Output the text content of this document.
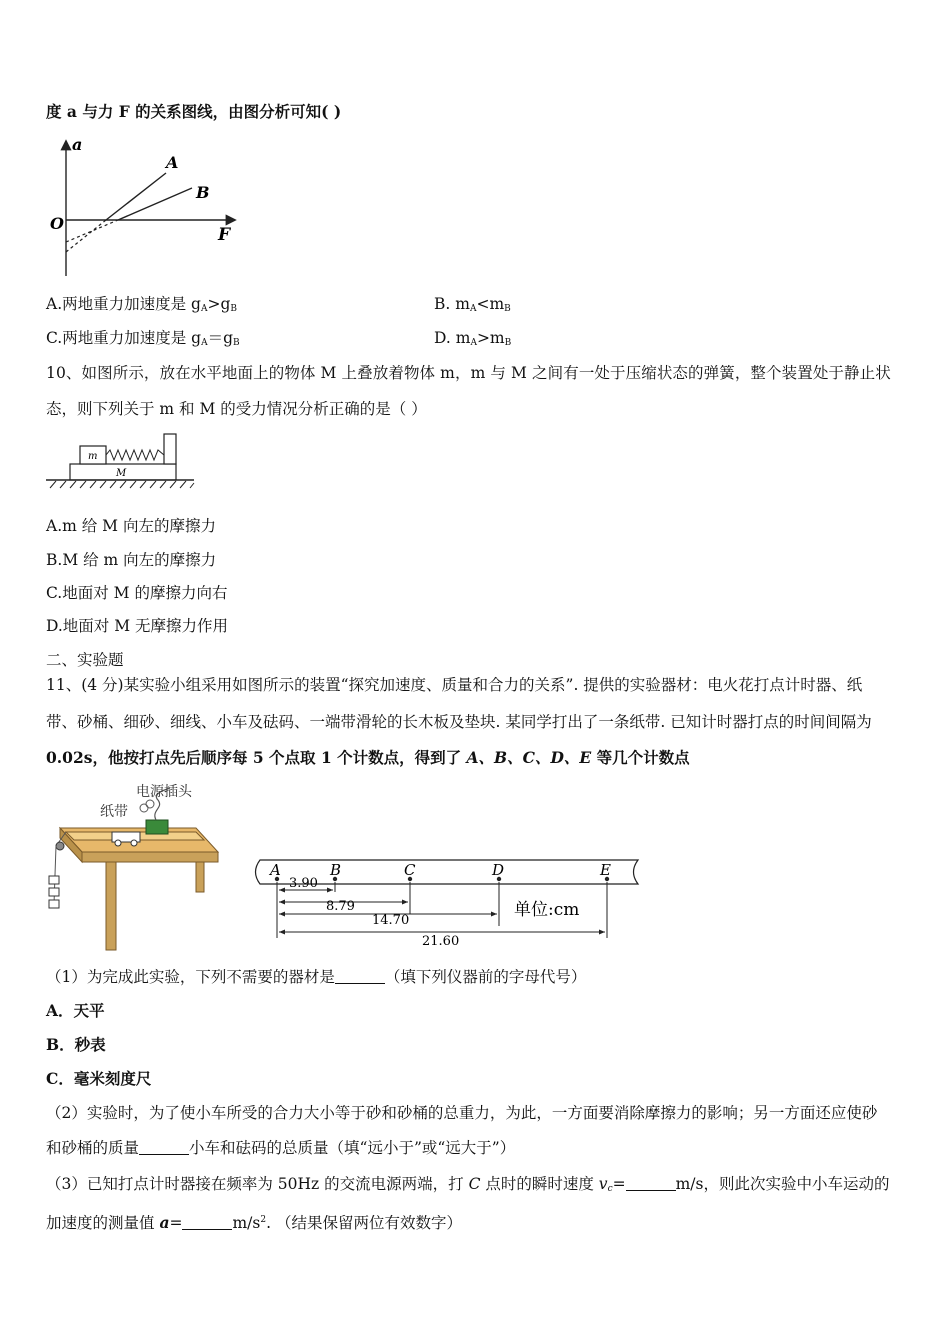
度 a 与力 F 的关系图线，由图分析可知( )
a
F
O
A
B
A.两地重力加速度是 $g_A>g_B$	B. $m_A<m_B$
C.两地重力加速度是 $g_A=g_B$	D. $m_A>m_B$
10、如图所示，放在水平地面上的物体 M 上叠放着物体 m，m 与 M 之间有一处于压缩状态的弹簧，整个装置处于静止状
态，则下列关于 m 和 M 的受力情况分析正确的是（ ）
m
M
A.m 给 M 向左的摩擦力
B.M 给 m 向左的摩擦力
C.地面对 M 的摩擦力向右
D.地面对 M 无摩擦力作用
二、实验题
11、(4 分)某实验小组采用如图所示的装置“探究加速度、质量和合力的关系”. 提供的实验器材：电火花打点计时器、纸
带、砂桶、细砂、细线、小车及砝码、一端带滑轮的长木板及垫块. 某同学打出了一条纸带. 已知计时器打点的时间间隔为
0.02s，他按打点先后顺序每 5 个点取 1 个计数点，得到了 A、B、C、D、E 等几个计数点
电源插头
纸带
A	B	C	D	E
3.90
8.79
14.70
21.60
单位:cm
（1）为完成此实验，下列不需要的器材是	（填下列仪器前的字母代号）
A．天平
B．秒表
C．毫米刻度尺
（2）实验时，为了使小车所受的合力大小等于砂和砂桶的总重力，为此，一方面要消除摩擦力的影响；另一方面还应使砂
和砂桶的质量	小车和砝码的总质量（填“远小于”或“远大于”）
（3）已知打点计时器接在频率为 50Hz 的交流电源两端，打 C 点时的瞬时速度 $v_c=$	m/s，则此次实验中小车运动的
加速度的测量值 a=	$m/s^2$. （结果保留两位有效数字）
